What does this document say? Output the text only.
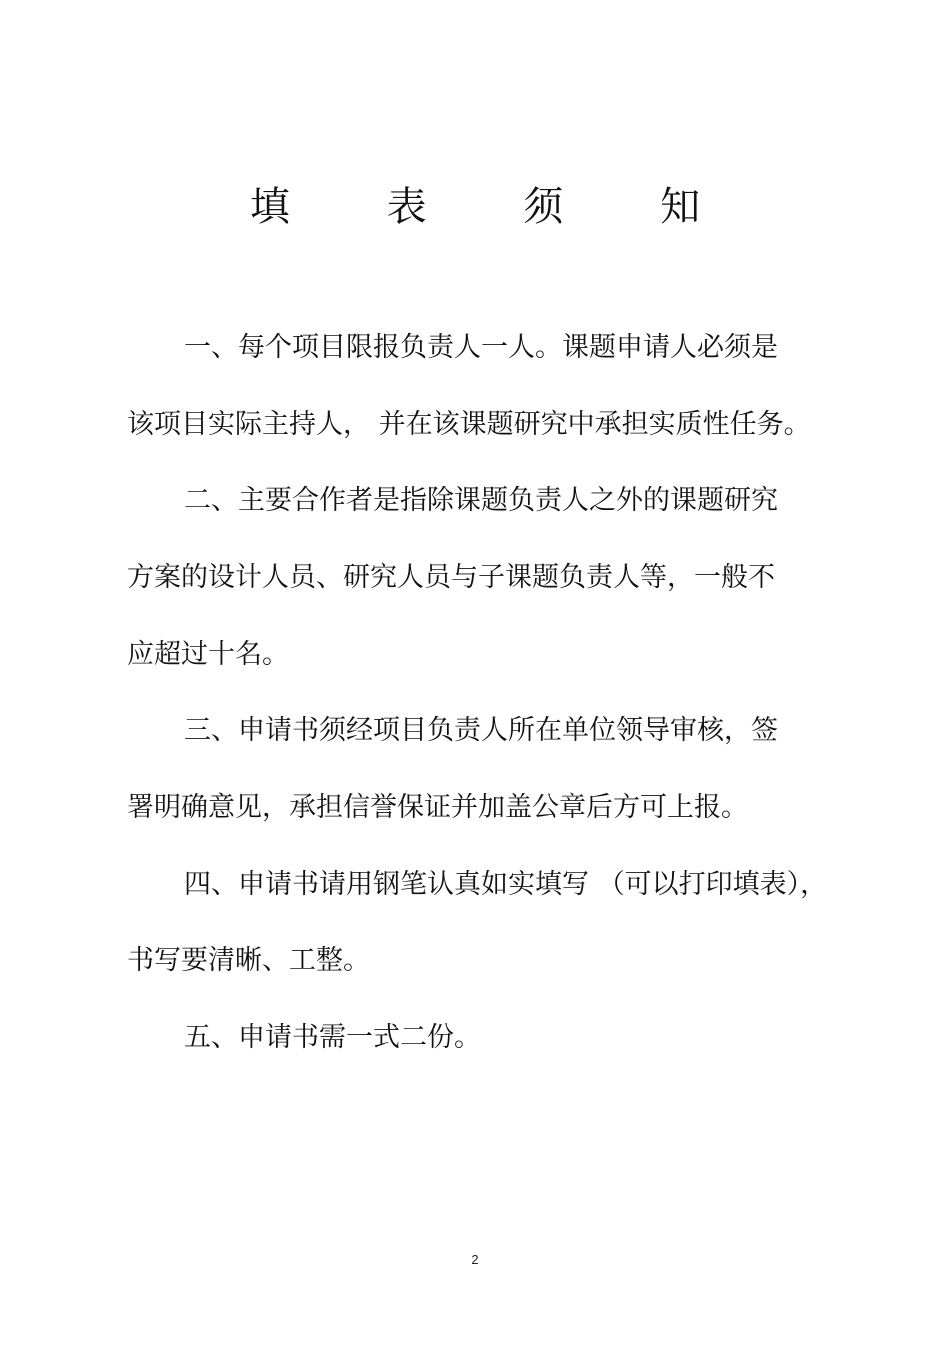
填 表 须 知
一、每个项目限报负责人一人。课题申请人必须是
该项目实际主持人， 并在该课题研究中承担实质性任务。
二、主要合作者是指除课题负责人之外的课题研究
方案的设计人员、研究人员与子课题负责人等，一般不
应超过十名。
三、申请书须经项目负责人所在单位领导审核，签
署明确意见，承担信誉保证并加盖公章后方可上报。
四、申请书请用钢笔认真如实填写 （可以打印填表），
书写要清晰、工整。
五、申请书需一式二份。
2
